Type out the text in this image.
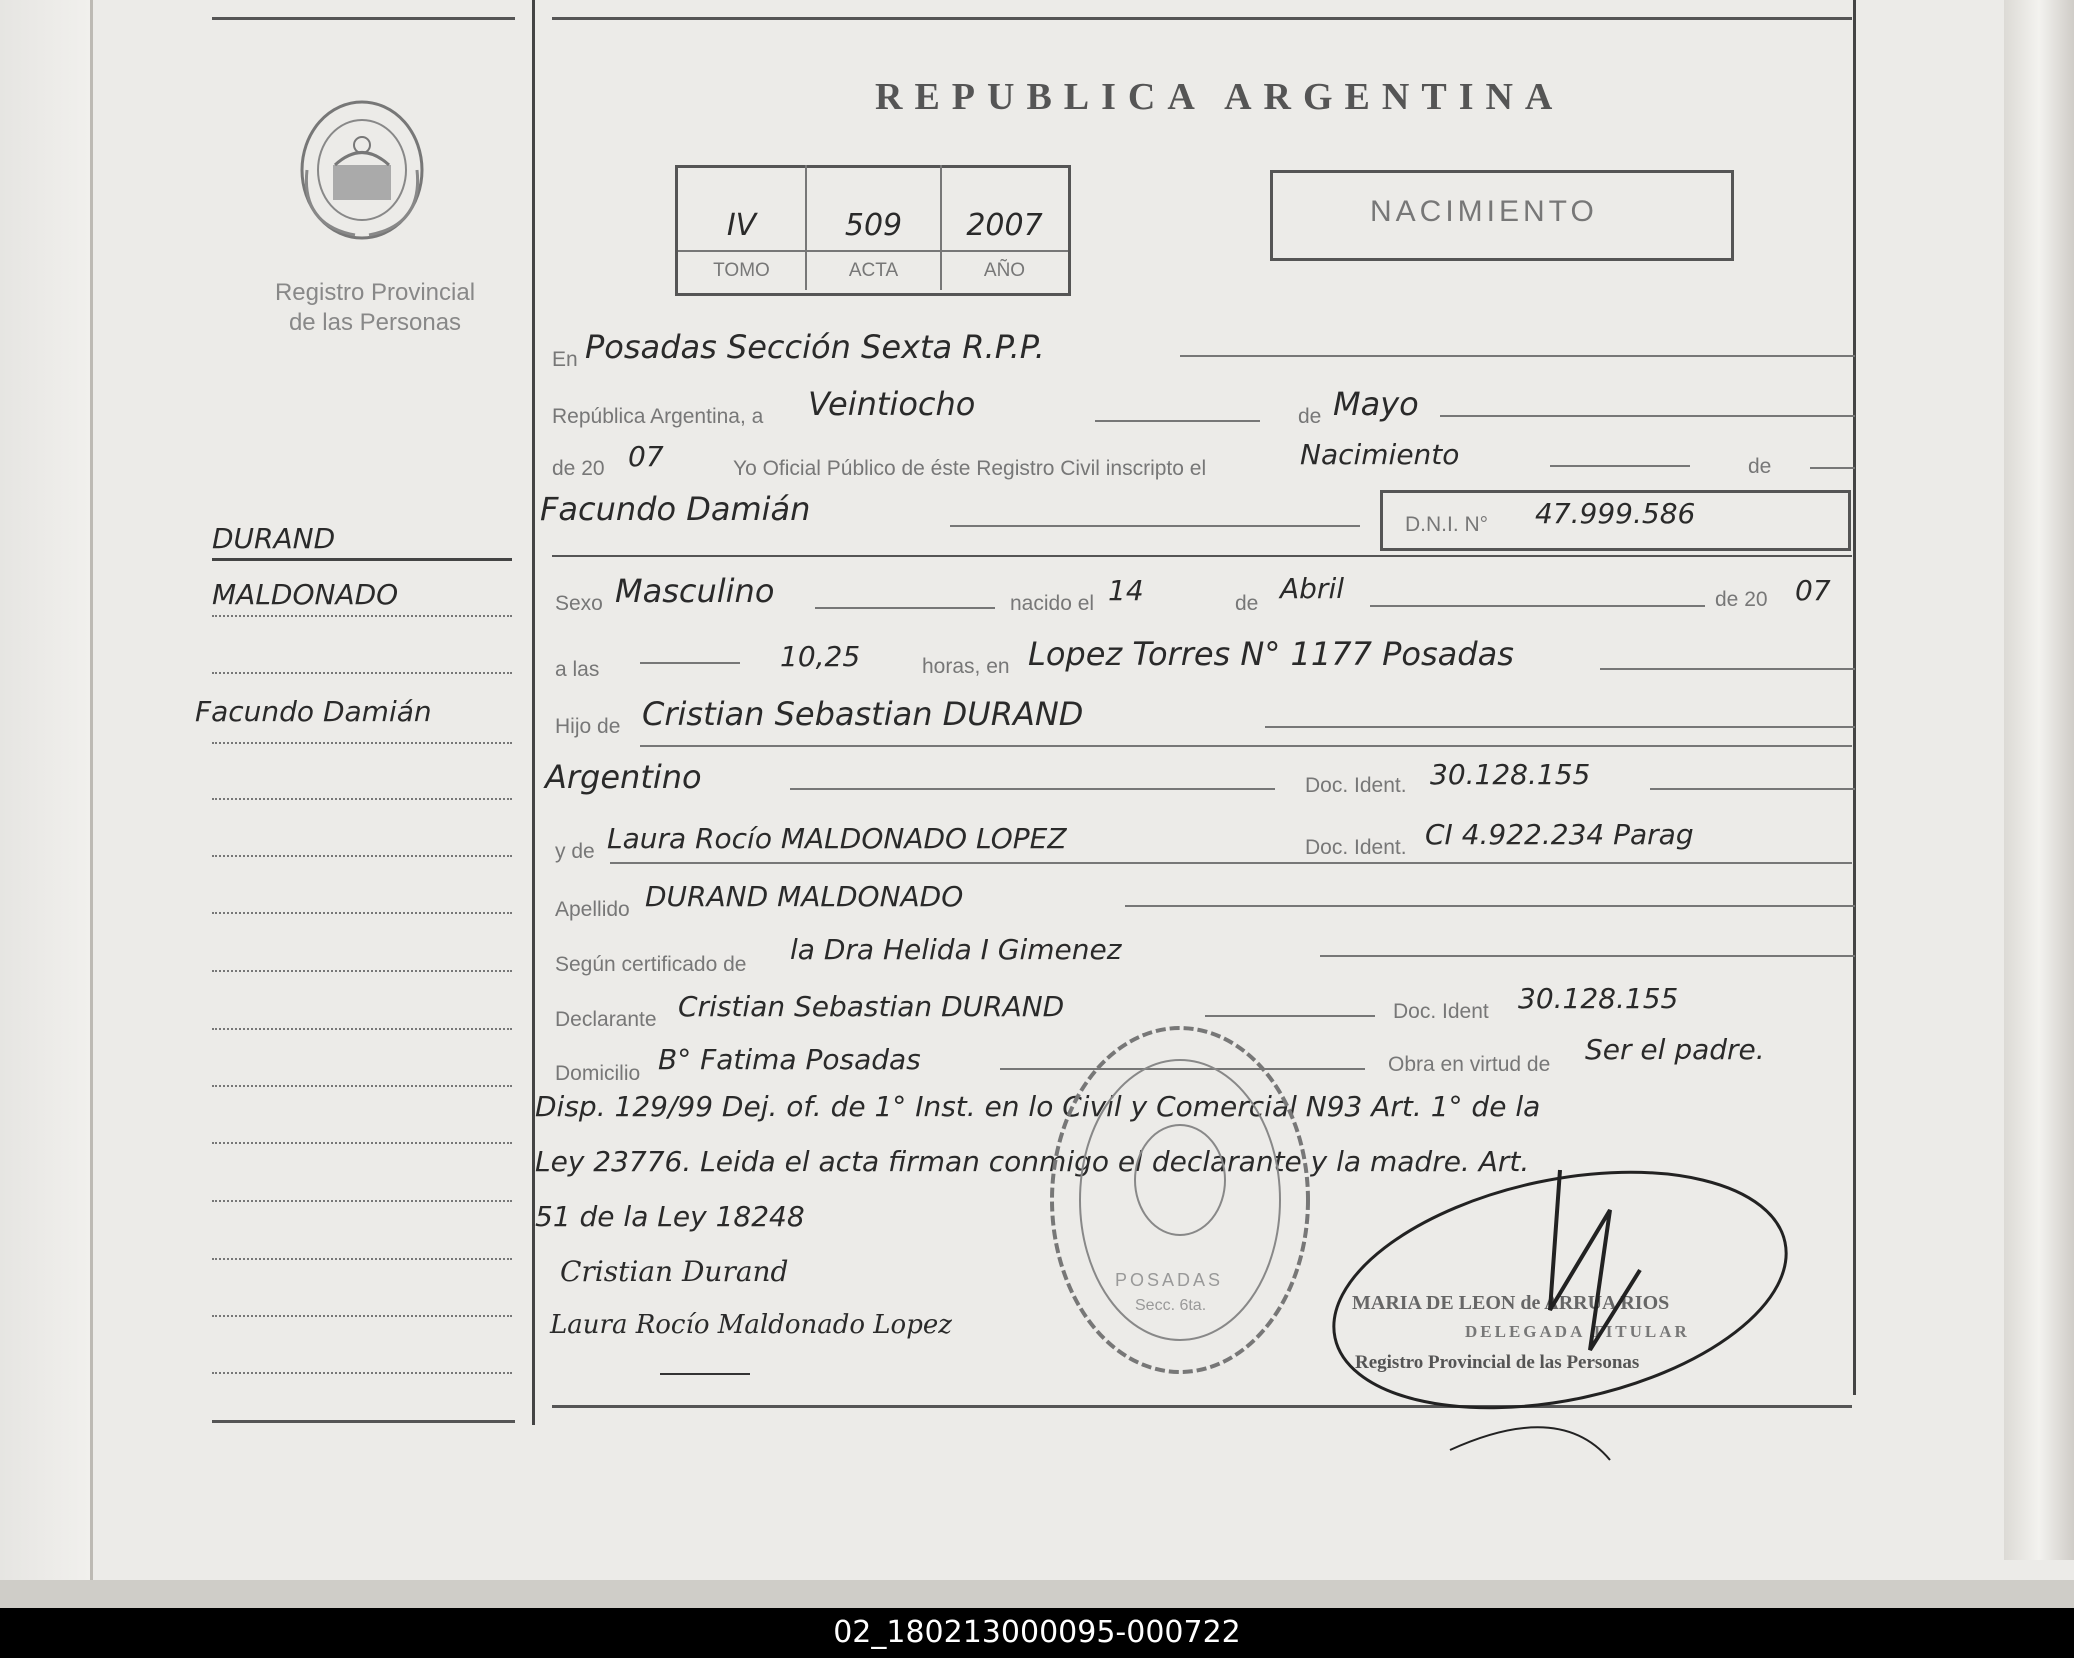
Registro Provincial
de las Personas
REPUBLICA ARGENTINA
IV	509	2007
TOMO	ACTA	AÑO
NACIMIENTO
En Posadas Sección Sexta R.P.P.
República Argentina, a Veintiocho	de Mayo
de 20 07	Yo Oficial Público de éste Registro Civil inscripto el	Nacimiento	de
Facundo Damián	D.N.I. N° 47.999.586
Sexo Masculino	nacido el 14	de Abril	de 20 07
a las	10,25	horas, en Lopez Torres N° 1177 Posadas
Hijo de Cristian Sebastian DURAND
Argentino	Doc. Ident. 30.128.155
y de Laura Rocío MALDONADO LOPEZ	Doc. Ident. CI 4.922.234 Parag
Apellido DURAND MALDONADO
Según certificado de la Dra Helida I Gimenez
Declarante Cristian Sebastian DURAND	Doc. Ident 30.128.155
Domicilio B° Fatima Posadas	Obra en virtud de Ser el padre.
Disp. 129/99 Dej. of. de 1° Inst. en lo Civil y Comercial N93 Art. 1° de la
Ley 23776. Leida el acta firman conmigo el declarante y la madre. Art.
51 de la Ley 18248
Cristian Durand
Laura Rocío Maldonado Lopez
POSADAS
Secc. 6ta.	MARIA DE LEON de ARRUA RIOS
DELEGADA TITULAR
Registro Provincial de las Personas
DURAND
MALDONADO
Facundo Damián
02_180213000095-000722
